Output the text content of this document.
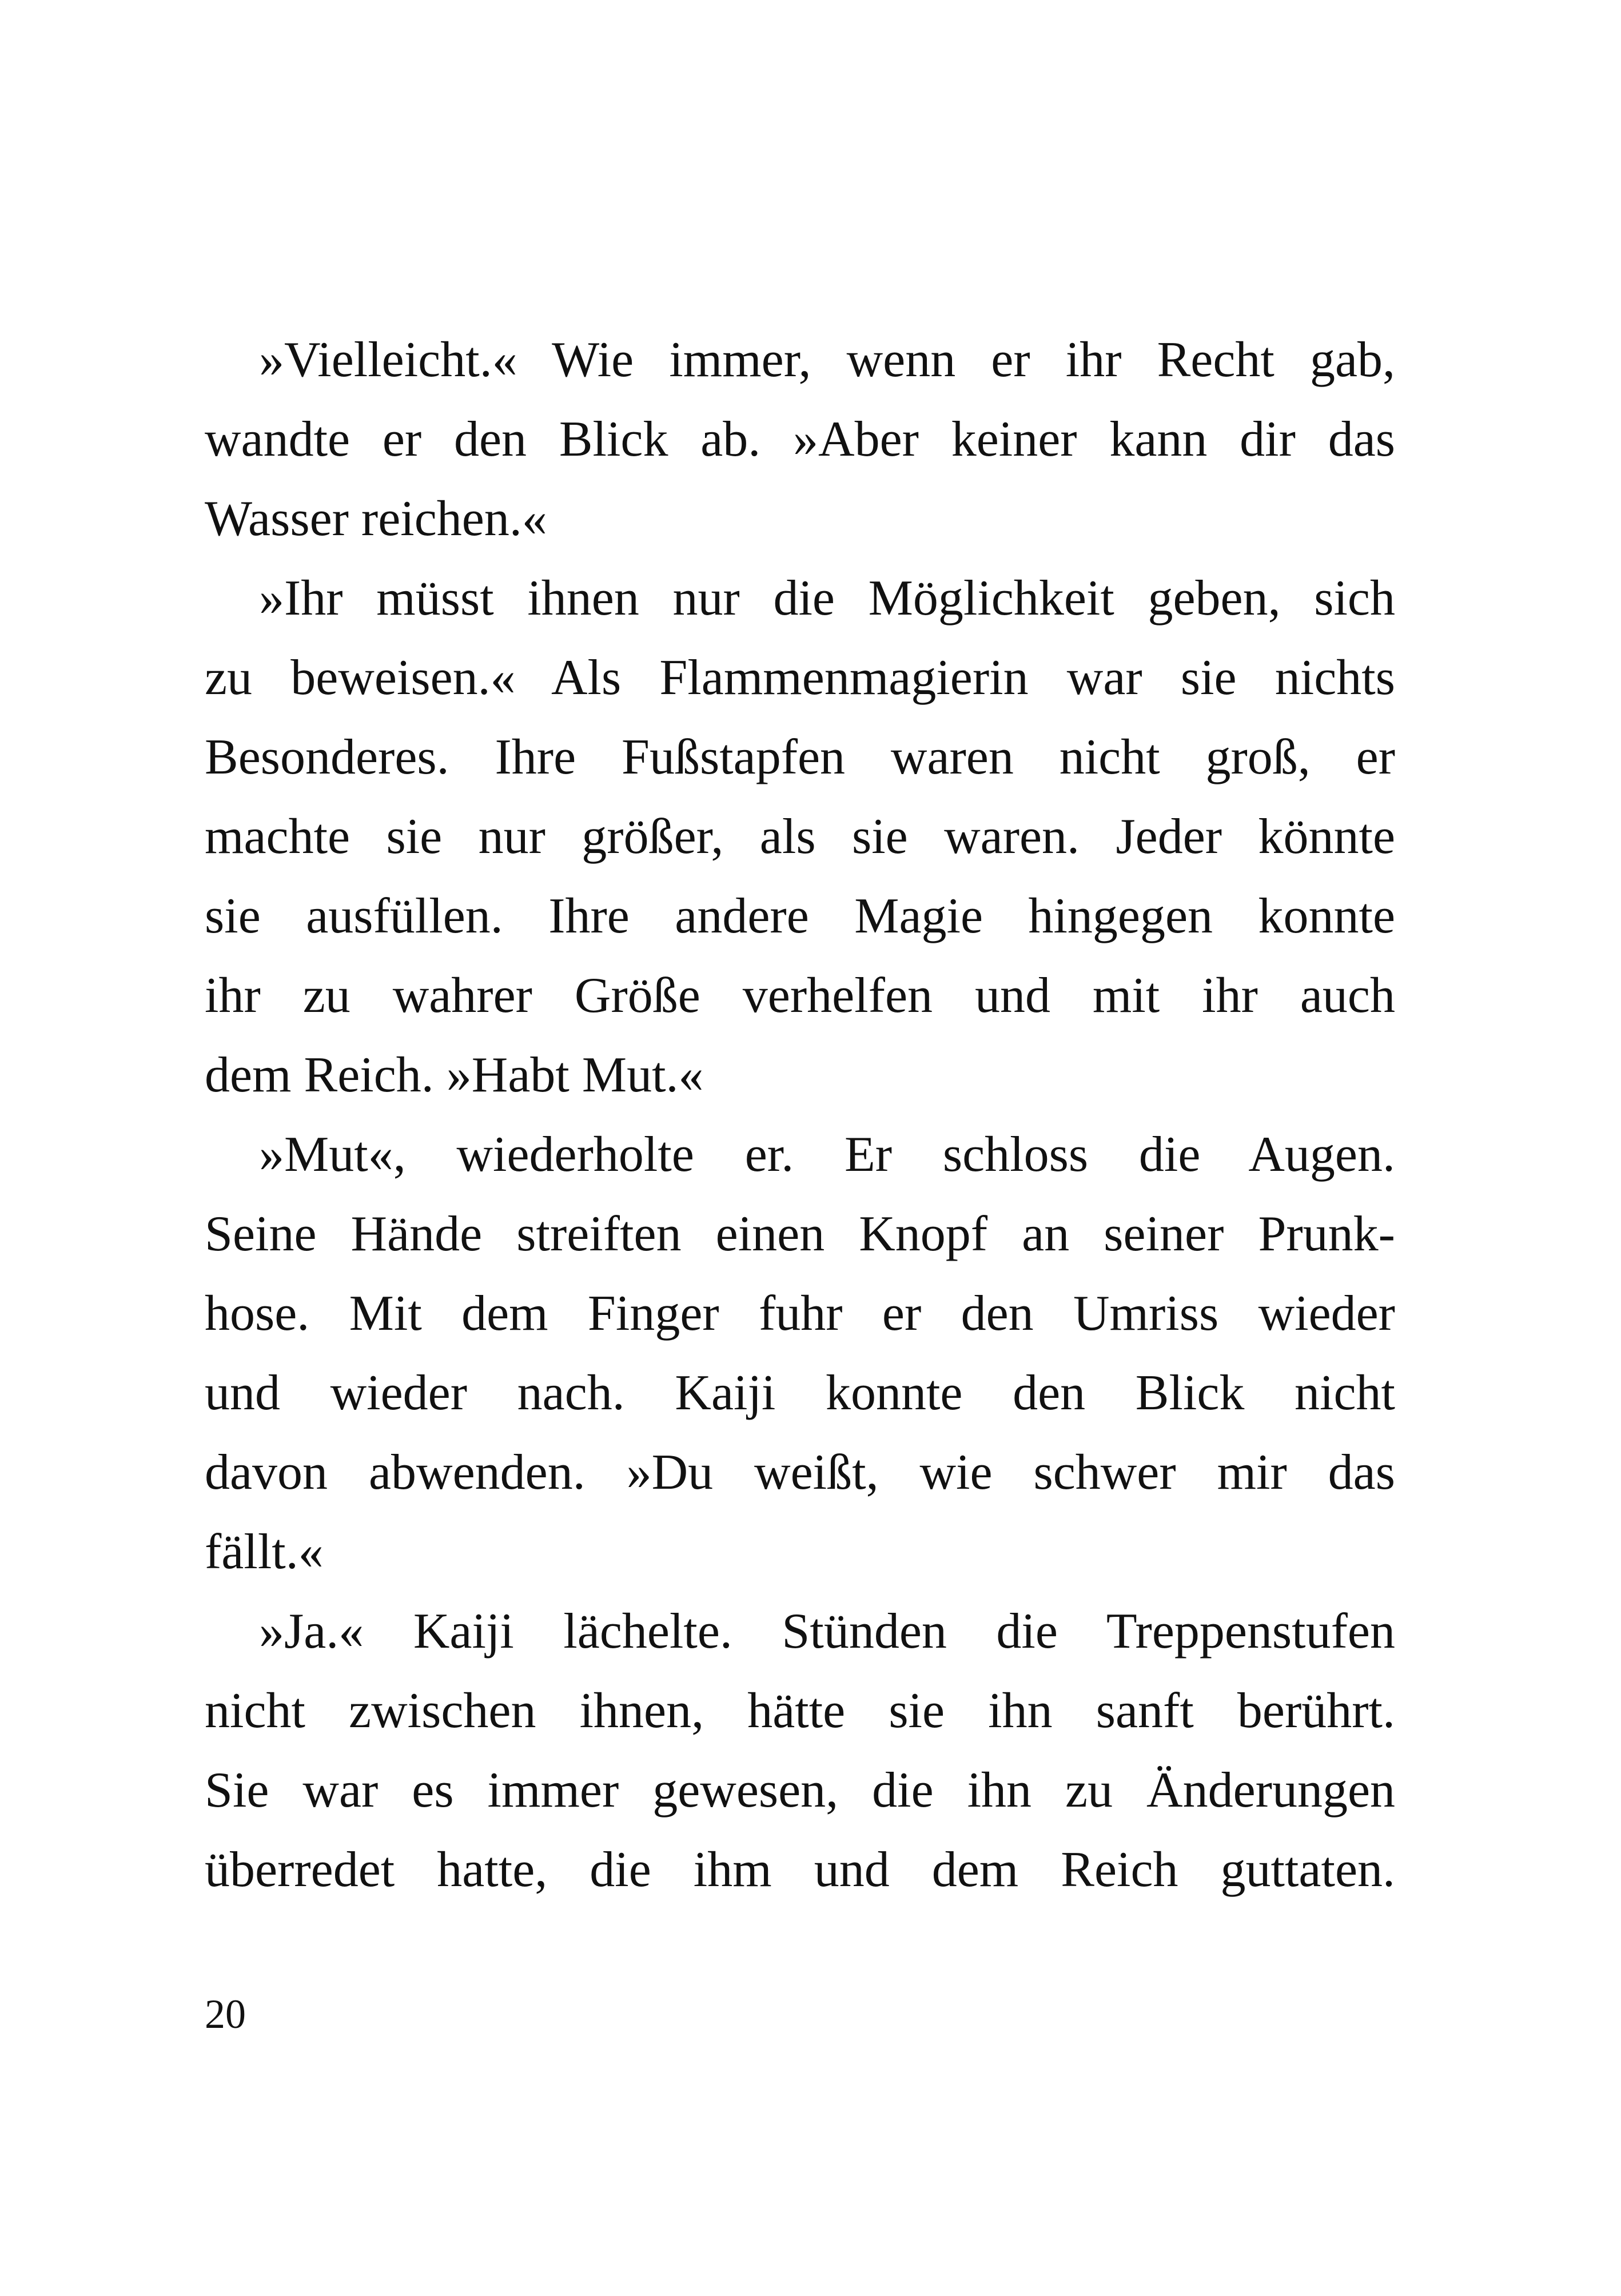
»Vielleicht.« Wie immer, wenn er ihr Recht gab,
wandte er den Blick ab. »Aber keiner kann dir das
Wasser reichen.«
»Ihr müsst ihnen nur die Möglichkeit geben, sich
zu beweisen.« Als Flammenmagierin war sie nichts
Besonderes. Ihre Fußstapfen waren nicht groß, er
machte sie nur größer, als sie waren. Jeder könnte
sie ausfüllen. Ihre andere Magie hingegen konnte
ihr zu wahrer Größe verhelfen und mit ihr auch
dem Reich. »Habt Mut.«
»Mut«, wiederholte er. Er schloss die Augen.
Seine Hände streiften einen Knopf an seiner Prunk-
hose. Mit dem Finger fuhr er den Umriss wieder
und wieder nach. Kaiji konnte den Blick nicht
davon abwenden. »Du weißt, wie schwer mir das
fällt.«
»Ja.« Kaiji lächelte. Stünden die Treppenstufen
nicht zwischen ihnen, hätte sie ihn sanft berührt.
Sie war es immer gewesen, die ihn zu Änderungen
überredet hatte, die ihm und dem Reich guttaten.
20
